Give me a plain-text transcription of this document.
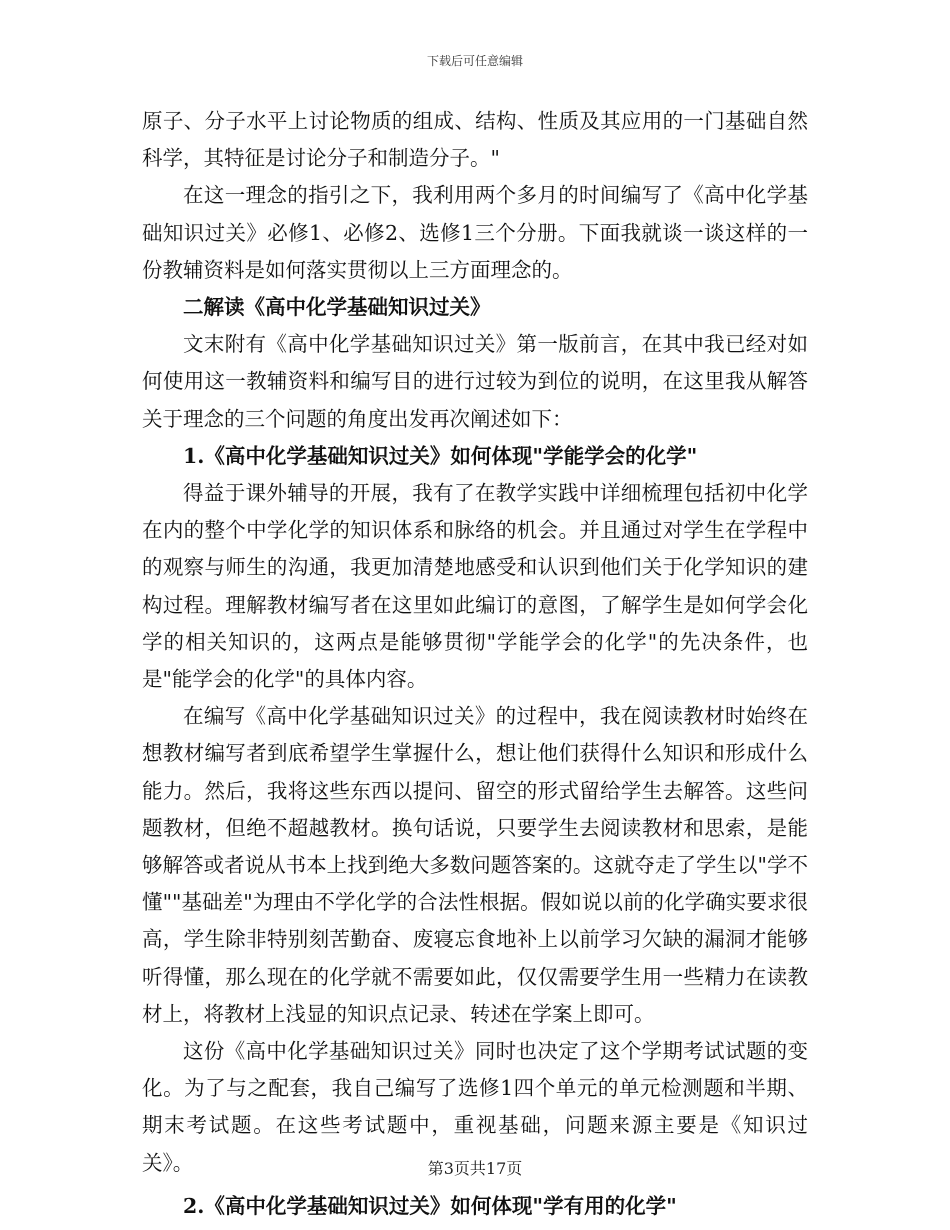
下载后可任意编辑

原子、分子水平上讨论物质的组成、结构、性质及其应用的一门基础自然科学，其特征是讨论分子和制造分子。"

在这一理念的指引之下，我利用两个多月的时间编写了《高中化学基础知识过关》必修1、必修2、选修1三个分册。下面我就谈一谈这样的一份教辅资料是如何落实贯彻以上三方面理念的。

二解读《高中化学基础知识过关》

文末附有《高中化学基础知识过关》第一版前言，在其中我已经对如何使用这一教辅资料和编写目的进行过较为到位的说明，在这里我从解答关于理念的三个问题的角度出发再次阐述如下：

1.《高中化学基础知识过关》如何体现"学能学会的化学"

得益于课外辅导的开展，我有了在教学实践中详细梳理包括初中化学在内的整个中学化学的知识体系和脉络的机会。并且通过对学生在学程中的观察与师生的沟通，我更加清楚地感受和认识到他们关于化学知识的建构过程。理解教材编写者在这里如此编订的意图，了解学生是如何学会化学的相关知识的，这两点是能够贯彻"学能学会的化学"的先决条件，也是"能学会的化学"的具体内容。

在编写《高中化学基础知识过关》的过程中，我在阅读教材时始终在想教材编写者到底希望学生掌握什么，想让他们获得什么知识和形成什么能力。然后，我将这些东西以提问、留空的形式留给学生去解答。这些问题教材，但绝不超越教材。换句话说，只要学生去阅读教材和思索，是能够解答或者说从书本上找到绝大多数问题答案的。这就夺走了学生以"学不懂""基础差"为理由不学化学的合法性根据。假如说以前的化学确实要求很高，学生除非特别刻苦勤奋、废寝忘食地补上以前学习欠缺的漏洞才能够听得懂，那么现在的化学就不需要如此，仅仅需要学生用一些精力在读教材上，将教材上浅显的知识点记录、转述在学案上即可。

这份《高中化学基础知识过关》同时也决定了这个学期考试试题的变化。为了与之配套，我自己编写了选修1四个单元的单元检测题和半期、期末考试题。在这些考试题中，重视基础，问题来源主要是《知识过关》。

2.《高中化学基础知识过关》如何体现"学有用的化学"

第3页共17页
